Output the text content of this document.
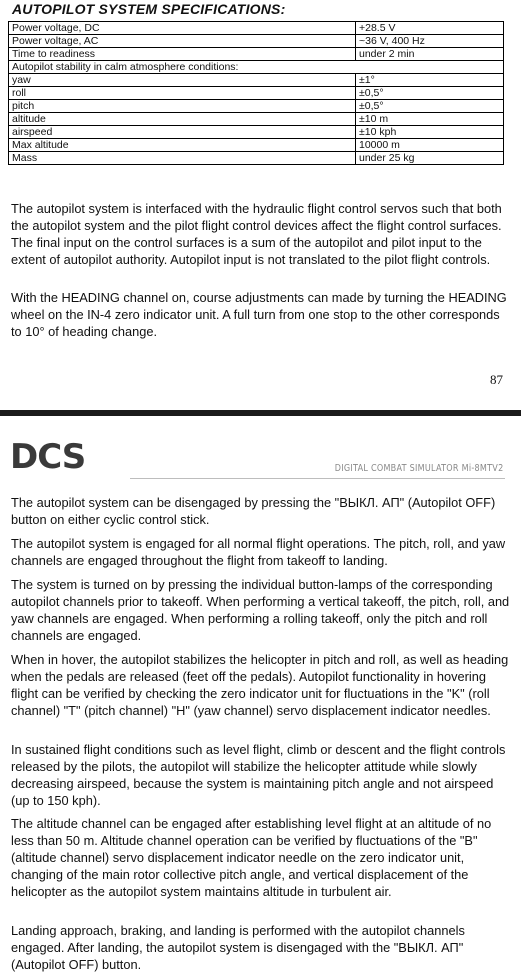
AUTOPILOT SYSTEM SPECIFICATIONS:
Power voltage, DC	+28.5 V
Power voltage, AC	~36 V, 400 Hz
Time to readiness	under 2 min
Autopilot stability in calm atmosphere conditions:	
yaw	±1°
roll	±0,5°
pitch	±0,5°
altitude	±10 m
airspeed	±10 kph
Max altitude	10000 m
Mass	under 25 kg

The autopilot system is interfaced with the hydraulic flight control servos such that both the autopilot system and the pilot flight control devices affect the flight control surfaces. The final input on the control surfaces is a sum of the autopilot and pilot input to the extent of autopilot authority. Autopilot input is not translated to the pilot flight controls.

With the HEADING channel on, course adjustments can made by turning the HEADING wheel on the IN-4 zero indicator unit. A full turn from one stop to the other corresponds to 10° of heading change.

87
DCS	DIGITAL COMBAT SIMULATOR Mi-8MTV2

The autopilot system can be disengaged by pressing the "ВЫКЛ. АП" (Autopilot OFF) button on either cyclic control stick.

The autopilot system is engaged for all normal flight operations. The pitch, roll, and yaw channels are engaged throughout the flight from takeoff to landing.

The system is turned on by pressing the individual button-lamps of the corresponding autopilot channels prior to takeoff. When performing a vertical takeoff, the pitch, roll, and yaw channels are engaged. When performing a rolling takeoff, only the pitch and roll channels are engaged.

When in hover, the autopilot stabilizes the helicopter in pitch and roll, as well as heading when the pedals are released (feet off the pedals). Autopilot functionality in hovering flight can be verified by checking the zero indicator unit for fluctuations in the "K" (roll channel) "T" (pitch channel) "H" (yaw channel) servo displacement indicator needles.

In sustained flight conditions such as level flight, climb or descent and the flight controls released by the pilots, the autopilot will stabilize the helicopter attitude while slowly decreasing airspeed, because the system is maintaining pitch angle and not airspeed (up to 150 kph).

The altitude channel can be engaged after establishing level flight at an altitude of no less than 50 m. Altitude channel operation can be verified by fluctuations of the "B" (altitude channel) servo displacement indicator needle on the zero indicator unit, changing of the main rotor collective pitch angle, and vertical displacement of the helicopter as the autopilot system maintains altitude in turbulent air.

Landing approach, braking, and landing is performed with the autopilot channels engaged. After landing, the autopilot system is disengaged with the "ВЫКЛ. АП" (Autopilot OFF) button.
